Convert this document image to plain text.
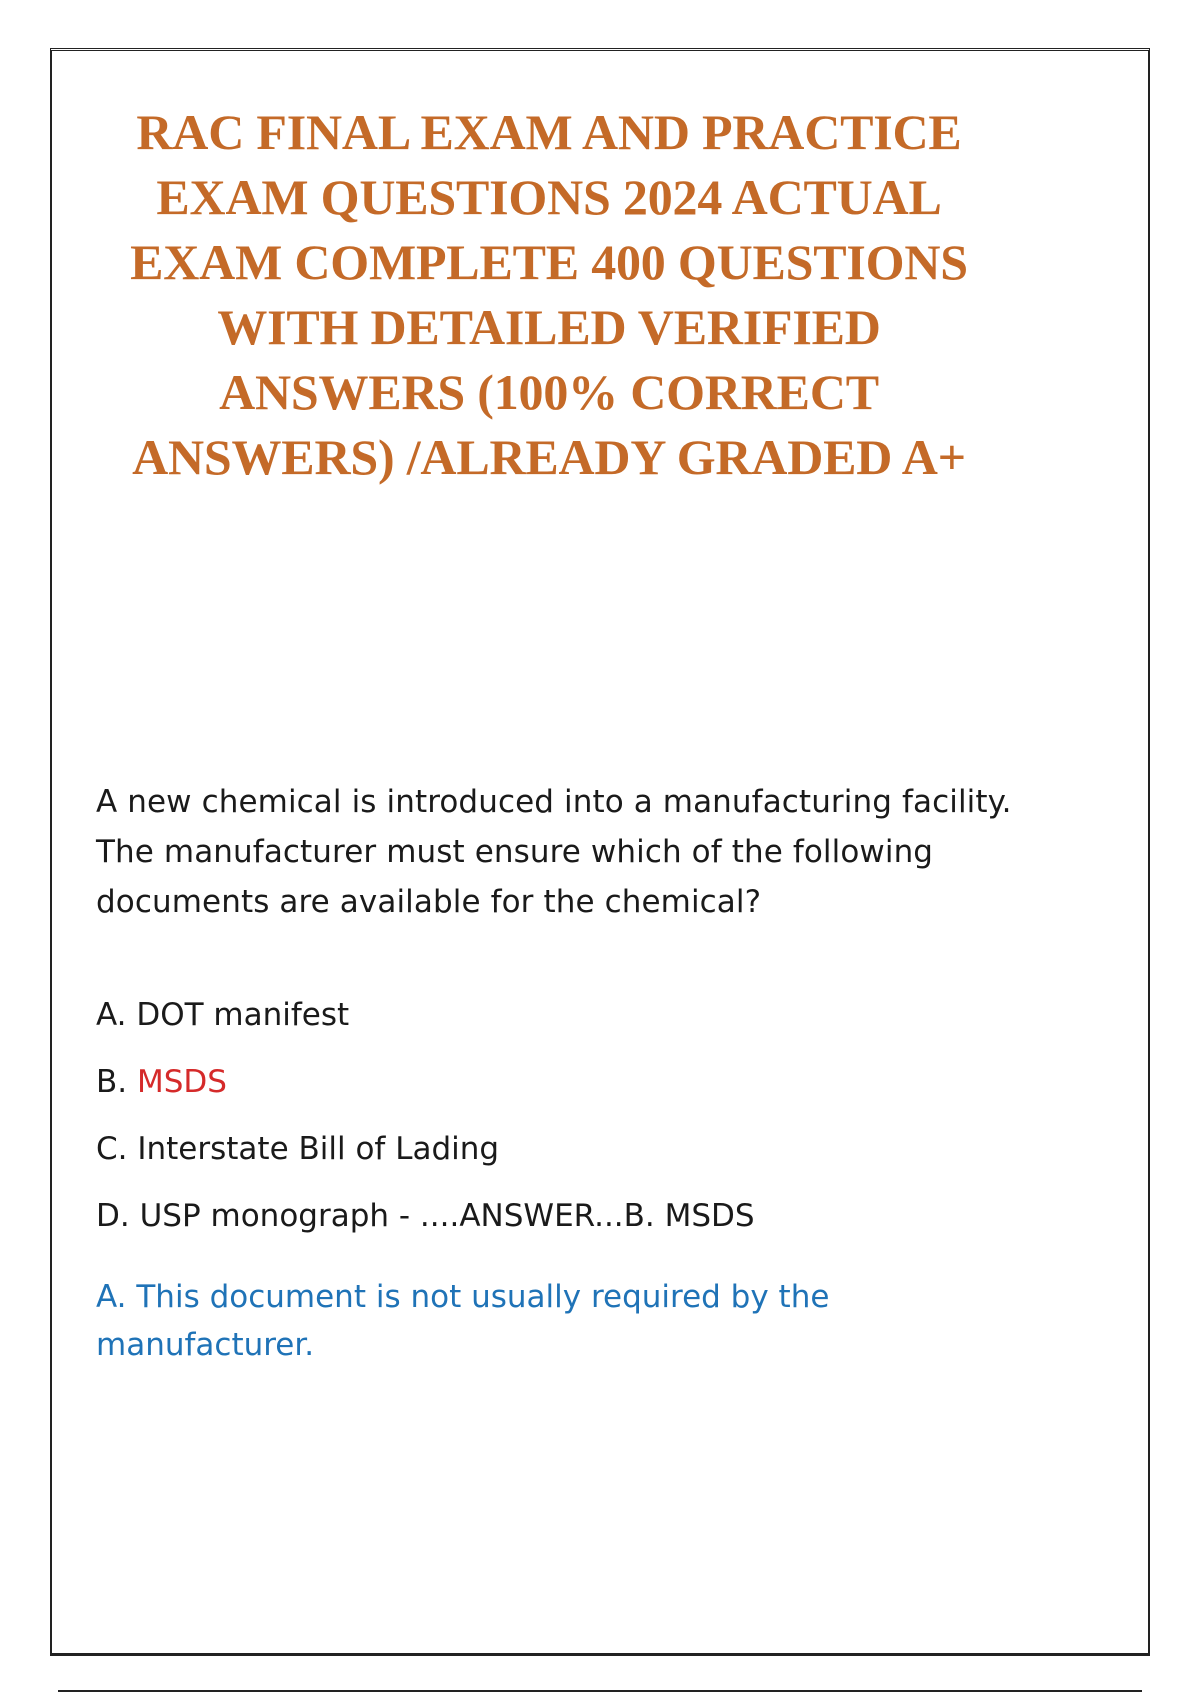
RAC FINAL EXAM AND PRACTICE EXAM QUESTIONS 2024 ACTUAL EXAM COMPLETE 400 QUESTIONS WITH DETAILED VERIFIED ANSWERS (100% CORRECT ANSWERS) /ALREADY GRADED A+

A new chemical is introduced into a manufacturing facility. The manufacturer must ensure which of the following documents are available for the chemical?

A. DOT manifest
B. MSDS
C. Interstate Bill of Lading
D. USP monograph - ....ANSWER...B. MSDS

A. This document is not usually required by the manufacturer.
